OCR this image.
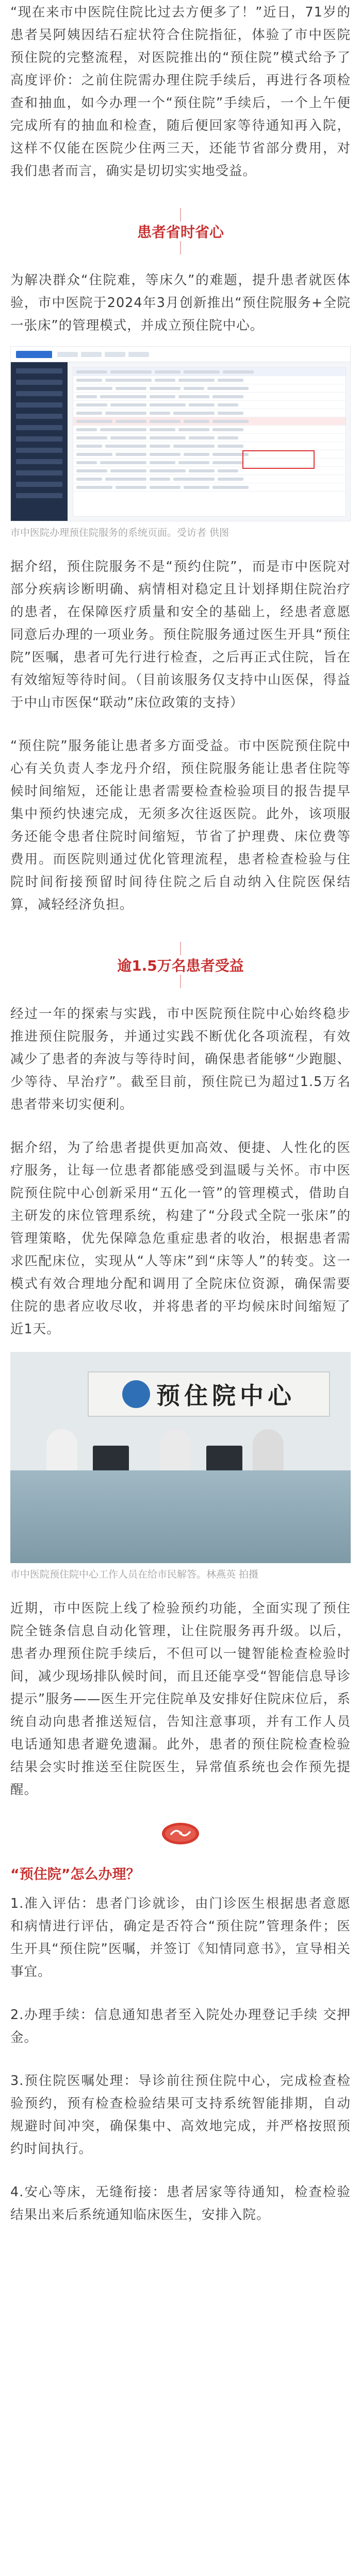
“现在来市中医院住院比过去方便多了！”近日，71岁的患者吴阿姨因结石症状符合住院指征，体验了市中医院预住院的完整流程，对医院推出的“预住院”模式给予了高度评价：之前住院需办理住院手续后，再进行各项检查和抽血，如今办理一个“预住院”手续后，一个上午便完成所有的抽血和检查，随后便回家等待通知再入院，这样不仅能在医院少住两三天，还能节省部分费用，对我们患者而言，确实是切切实实地受益。

患者省时省心

为解决群众“住院难，等床久”的难题，提升患者就医体验，市中医院于2024年3月创新推出“预住院服务+全院一张床”的管理模式，并成立预住院中心。

市中医院办理预住院服务的系统页面。受访者 供图

据介绍，预住院服务不是“预约住院”，而是市中医院对部分疾病诊断明确、病情相对稳定且计划择期住院治疗的患者，在保障医疗质量和安全的基础上，经患者意愿同意后办理的一项业务。预住院服务通过医生开具“预住院”医嘱，患者可先行进行检查，之后再正式住院，旨在有效缩短等待时间。（目前该服务仅支持中山医保，得益于中山市医保“联动”床位政策的支持）

“预住院”服务能让患者多方面受益。市中医院预住院中心有关负责人李龙丹介绍，预住院服务能让患者住院等候时间缩短，还能让患者需要检查检验项目的报告提早集中预约快速完成，无须多次往返医院。此外，该项服务还能令患者住院时间缩短，节省了护理费、床位费等费用。而医院则通过优化管理流程，患者检查检验与住院时间衔接预留时间待住院之后自动纳入住院医保结算，减轻经济负担。

逾1.5万名患者受益

经过一年的探索与实践，市中医院预住院中心始终稳步推进预住院服务，并通过实践不断优化各项流程，有效减少了患者的奔波与等待时间，确保患者能够“少跑腿、少等待、早治疗”。截至目前，预住院已为超过1.5万名患者带来切实便利。

据介绍，为了给患者提供更加高效、便捷、人性化的医疗服务，让每一位患者都能感受到温暖与关怀。市中医院预住院中心创新采用“五化一管”的管理模式，借助自主研发的床位管理系统，构建了“分段式全院一张床”的管理策略，优先保障急危重症患者的收治，根据患者需求匹配床位，实现从“人等床”到“床等人”的转变。这一模式有效合理地分配和调用了全院床位资源，确保需要住院的患者应收尽收，并将患者的平均候床时间缩短了近1天。

预住院中心
市中医院预住院中心工作人员在给市民解答。林燕英 拍摄

近期，市中医院上线了检验预约功能，全面实现了预住院全链条信息自动化管理，让住院服务再升级。以后，患者办理预住院手续后，不但可以一键智能检查检验时间，减少现场排队候时间，而且还能享受“智能信息导诊提示”服务——医生开完住院单及安排好住院床位后，系统自动向患者推送短信，告知注意事项，并有工作人员电话通知患者避免遗漏。此外，患者的预住院检查检验结果会实时推送至住院医生，异常值系统也会作预先提醒。

“预住院”怎么办理？

1.准入评估：患者门诊就诊，由门诊医生根据患者意愿和病情进行评估，确定是否符合“预住院”管理条件；医生开具“预住院”医嘱，并签订《知情同意书》，宣导相关事宜。

2.办理手续：信息通知患者至入院处办理登记手续 交押金。

3.预住院医嘱处理：导诊前往预住院中心，完成检查检验预约，预有检查检验结果可支持系统智能排期，自动规避时间冲突，确保集中、高效地完成，并严格按照预约时间执行。

4.安心等床，无缝衔接：患者居家等待通知，检查检验结果出来后系统通知临床医生，安排入院。
